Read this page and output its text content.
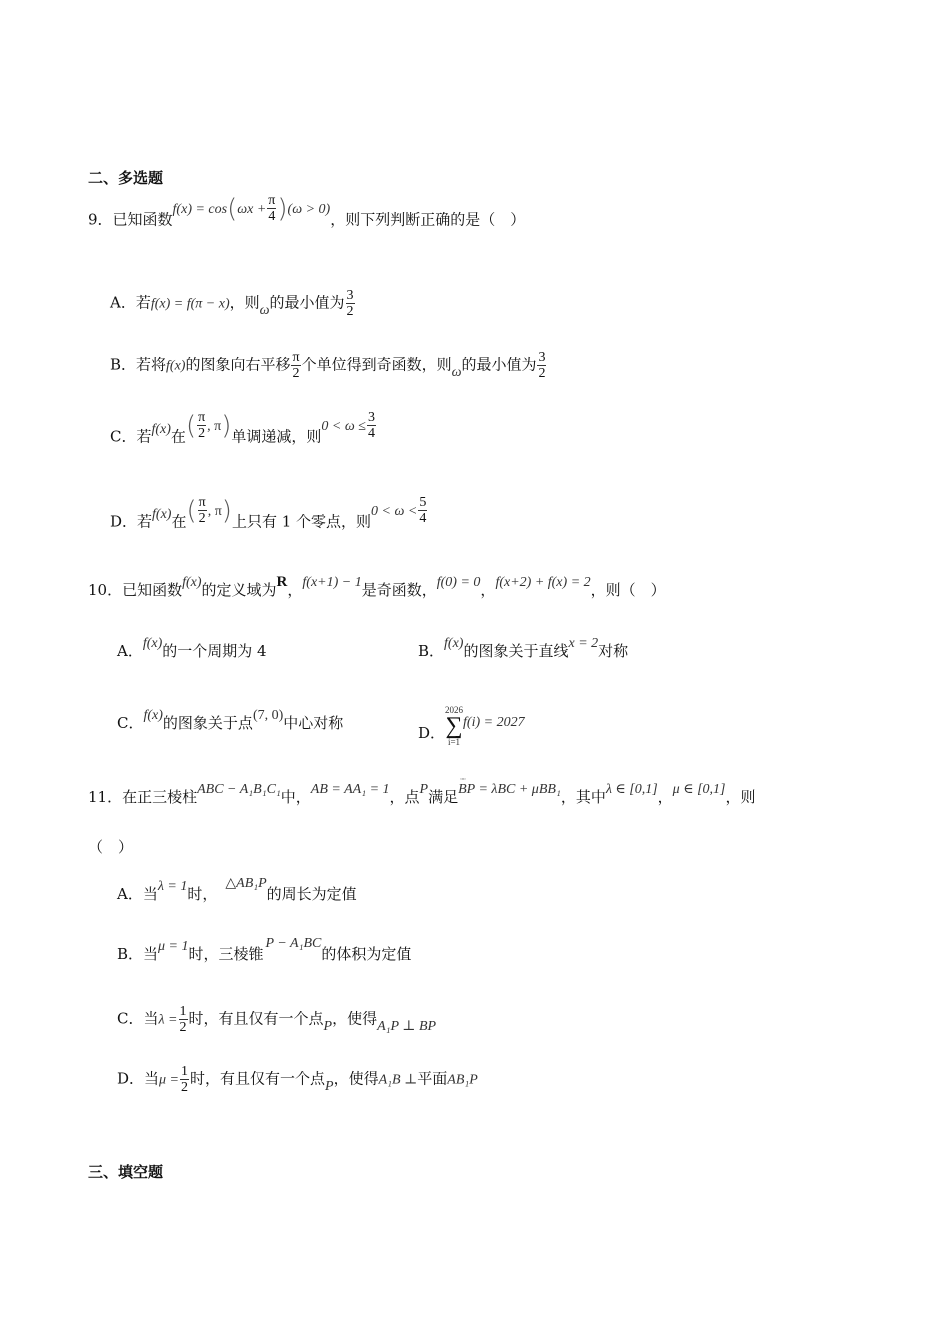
二、多选题
9．已知函数$f(x) = \cos(\omega x + \frac{\pi}{4} )(\omega > 0)$，则下列判断正确的是（　）
A．若f(x) = f(π − x)，则ω的最小值为 $\frac{3}{2}$
B．若将f(x)的图象向右平移 $\frac{\pi}{2}$ 个单位得到奇函数，则ω的最小值为 $\frac{3}{2}$
C．若f(x)在( $\frac{\pi}{2}$ , π)单调递减，则$0 < \omega \le \frac{3}{4}$
D．若f(x)在( $\frac{\pi}{2}$ , π)上只有 1 个零点，则$0 < \omega < \frac{5}{4}$
10．已知函数f(x)的定义域为R，f(x+1) − 1是奇函数，f(0) = 0，f(x+2) + f(x) = 2，则（　）
A．f(x)的一个周期为 4	B．f(x)的图象关于直线x = 2对称
C．f(x)的图象关于点(7, 0)中心对称
D．
2026
∑
i=1
f(i) = 2027
11．在正三棱柱ABC − A₁B₁C₁中，AB = AA₁ = 1，点P满足▫▫▫ BP = λBC + μBB₁，其中λ ∈ [0,1]，μ ∈ [0,1]，则
（　）
A．当λ = 1时，△AB₁P的周长为定值
B．当μ = 1时，三棱锥P − A₁BC的体积为定值
C．当$\lambda = \frac{1}{2}$ 时，有且仅有一个点P，使得A₁P ⊥ BP
D．当$\mu = \frac{1}{2}$ 时，有且仅有一个点P，使得A₁B ⊥平面AB₁P
三、填空题
